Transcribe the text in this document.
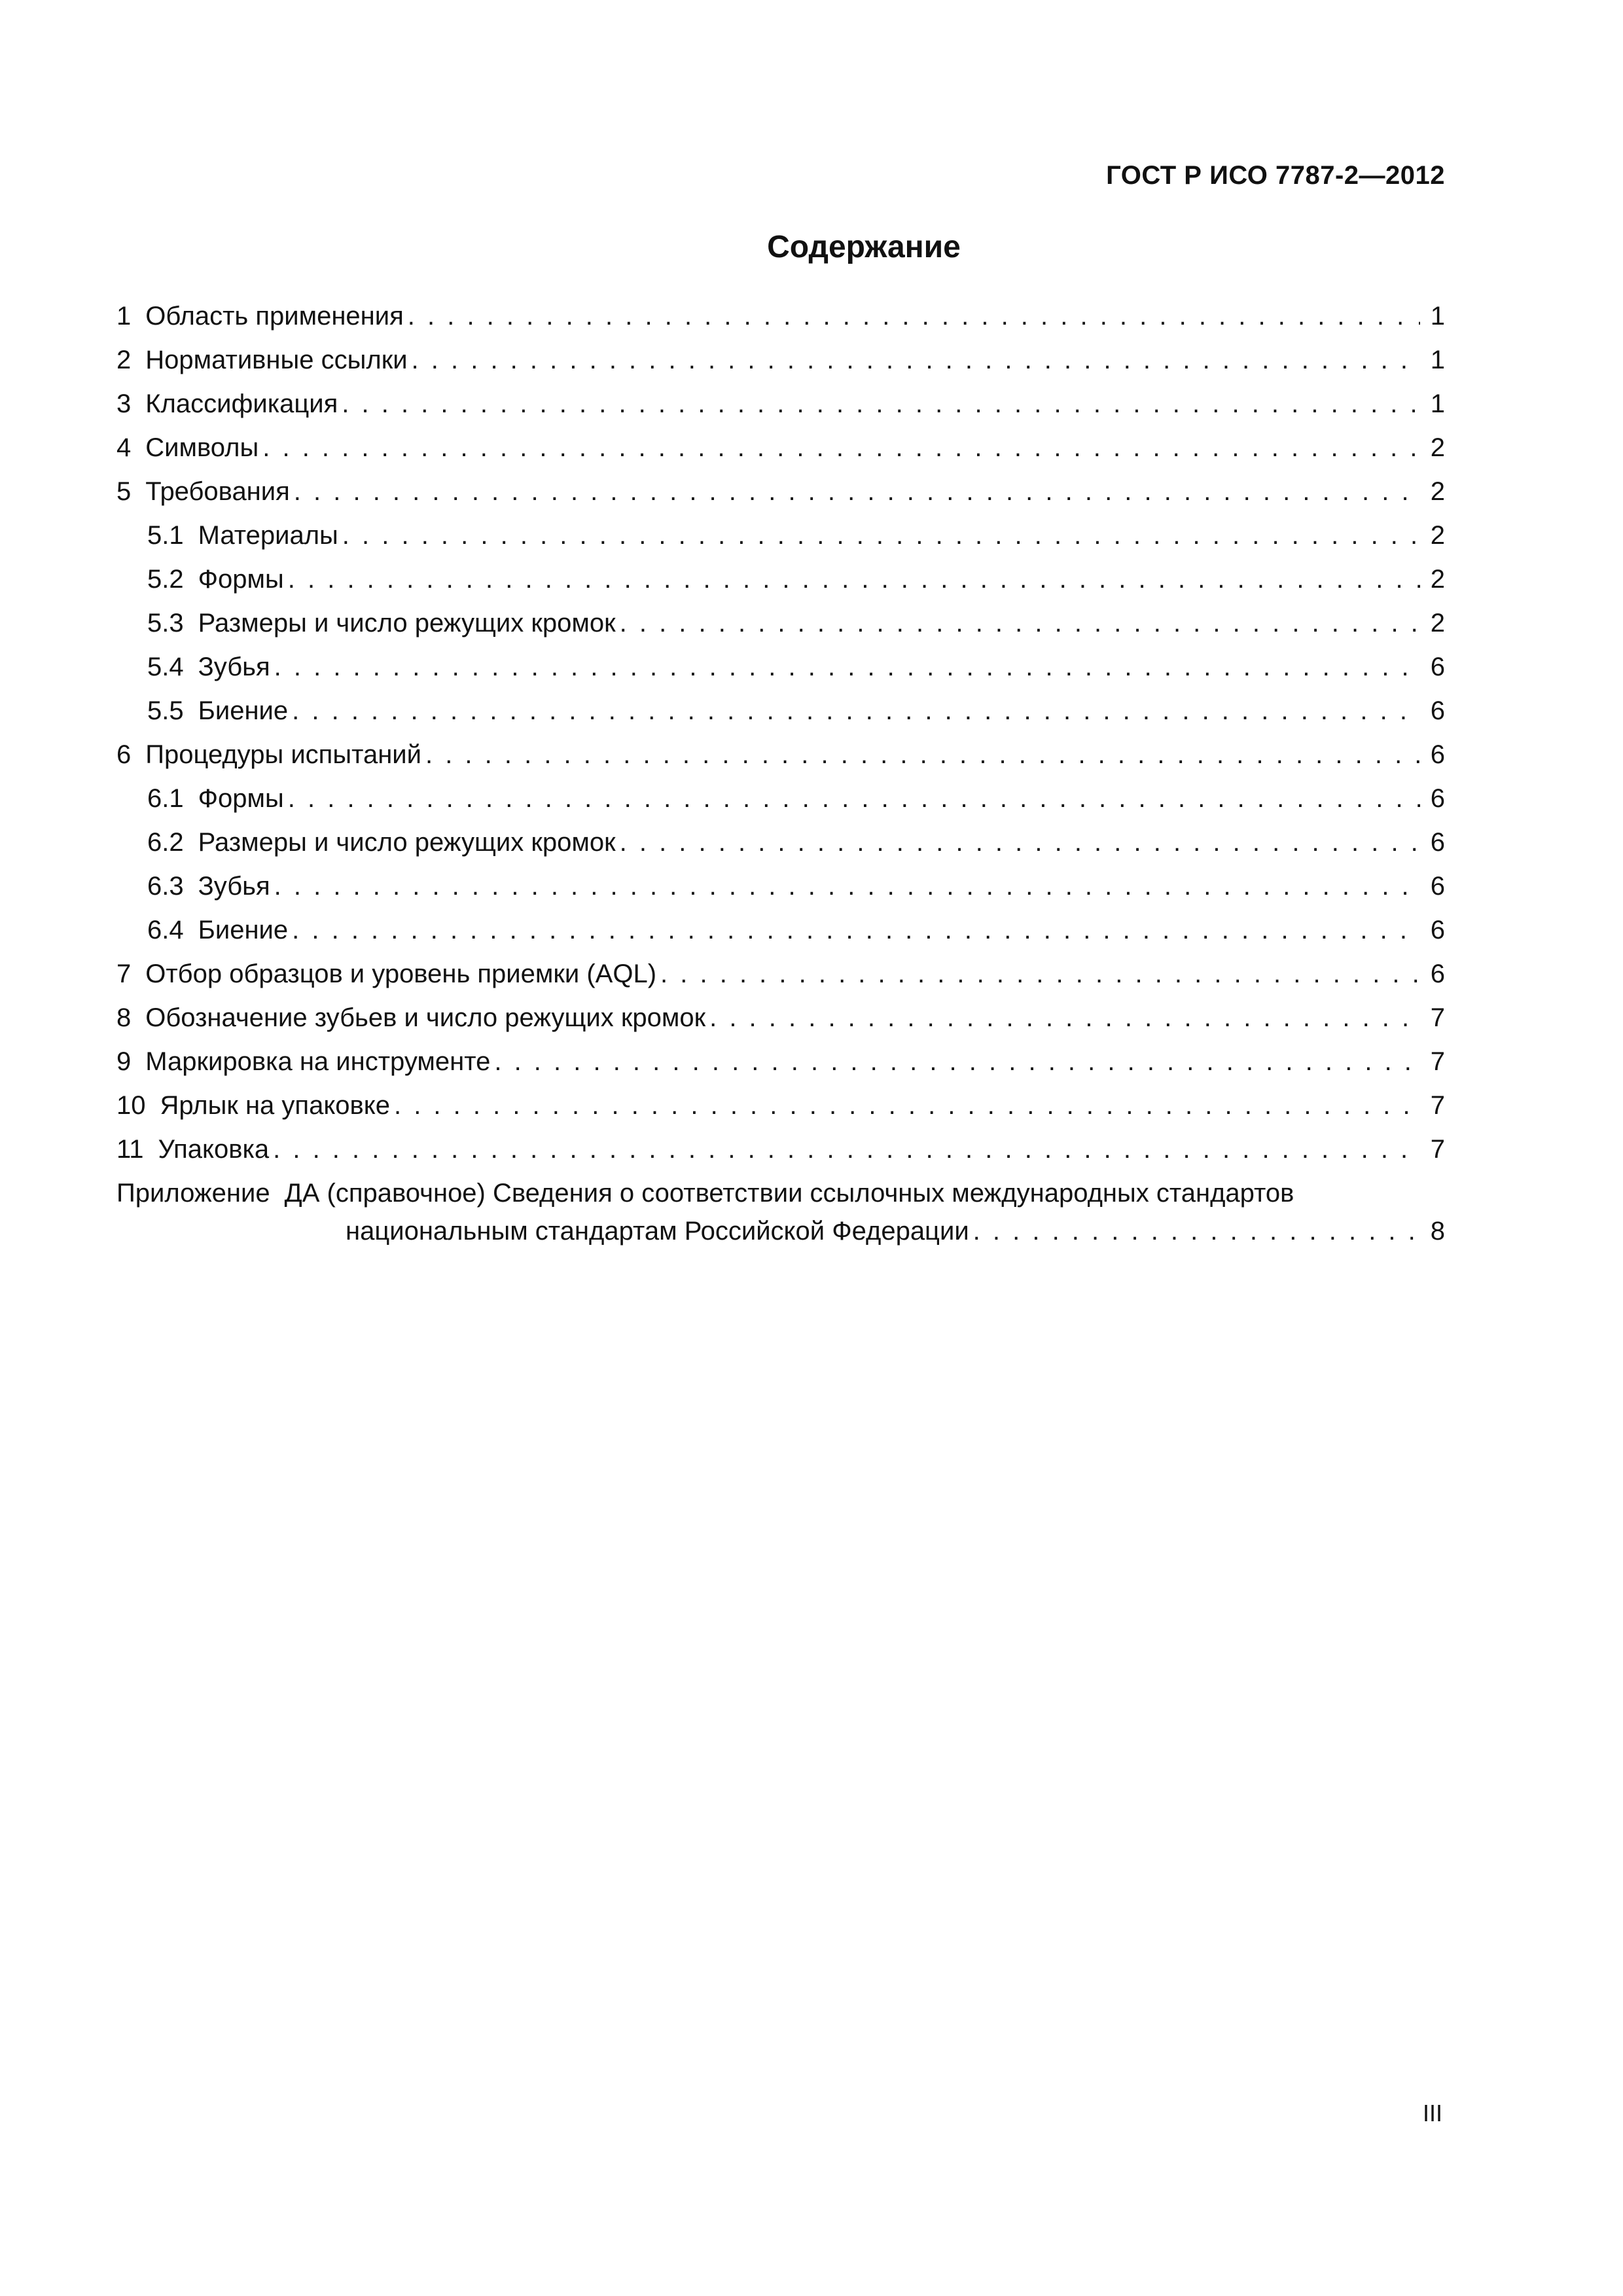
ГОСТ Р ИСО 7787-2—2012
Содержание
1 Область применения . . .	1
2 Нормативные ссылки . . .	1
3 Классификация . . .	1
4 Символы . . .	2
5 Требования . . .	2
5.1 Материалы . . .	2
5.2 Формы . . .	2
5.3 Размеры и число режущих кромок . . .	2
5.4 Зубья . . .	6
5.5 Биение . . .	6
6 Процедуры испытаний . . .	6
6.1 Формы . . .	6
6.2 Размеры и число режущих кромок . . .	6
6.3 Зубья . . .	6
6.4 Биение . . .	6
7 Отбор образцов и уровень приемки (AQL) . . .	6
8 Обозначение зубьев и число режущих кромок . . .	7
9 Маркировка на инструменте . . .	7
10 Ярлык на упаковке . . .	7
11 Упаковка . . .	7
Приложение ДА (справочное) Сведения о соответствии ссылочных международных стандартов
национальным стандартам Российской Федерации . . .	8
III
